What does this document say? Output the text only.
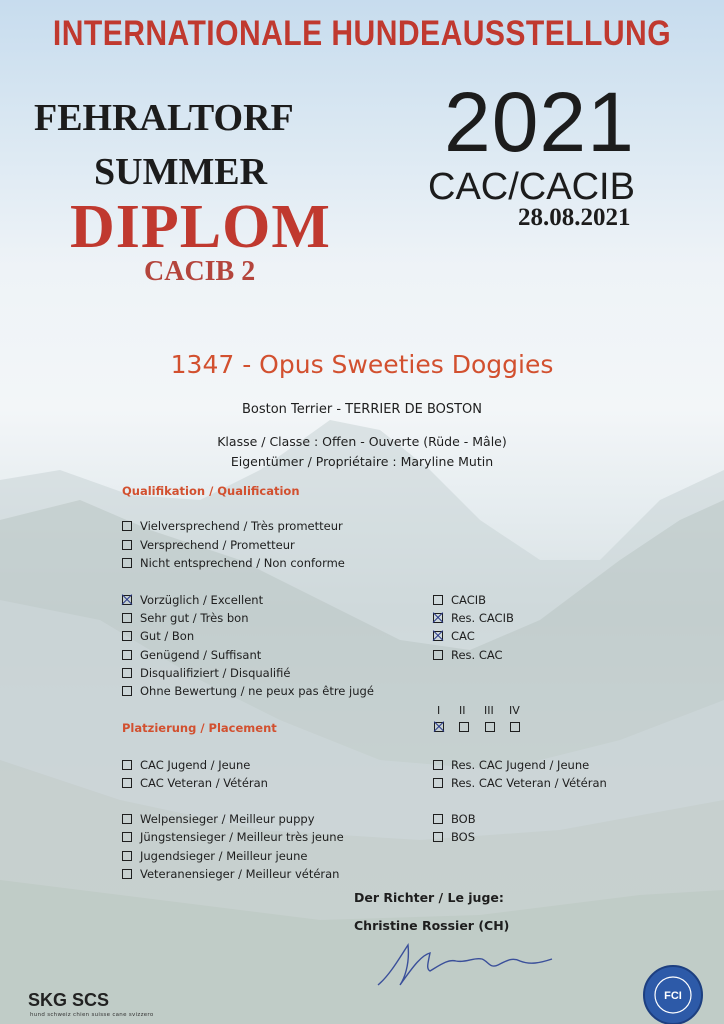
INTERNATIONALE HUNDEAUSSTELLUNG
FEHRALTORF
SUMMER
DIPLOM
CACIB 2
2021
CAC/CACIB
28.08.2021
1347 - Opus Sweeties Doggies
Boston Terrier - TERRIER DE BOSTON
Klasse / Classe : Offen - Ouverte (Rüde - Mâle)
Eigentümer / Propriétaire : Maryline Mutin
Qualifikation / Qualification
Vielversprechend / Très prometteur
Versprechend / Prometteur
Nicht entsprechend / Non conforme
Vorzüglich / Excellent
Sehr gut / Très bon
Gut / Bon
Genügend / Suffisant
Disqualifiziert / Disqualifié
Ohne Bewertung / ne peux pas être jugé
CACIB
Res. CACIB
CAC
Res. CAC
Platzierung / Placement
I II III IV
CAC Jugend / Jeune
CAC Veteran / Vétéran
Res. CAC Jugend / Jeune
Res. CAC Veteran / Vétéran
Welpensieger / Meilleur puppy
Jüngstensieger / Meilleur très jeune
Jugendsieger / Meilleur jeune
Veteranensieger / Meilleur vétéran
BOB
BOS
Der Richter / Le juge:
Christine Rossier (CH)
SKG SCS
hund schweiz chien suisse cane svizzero
FCI
